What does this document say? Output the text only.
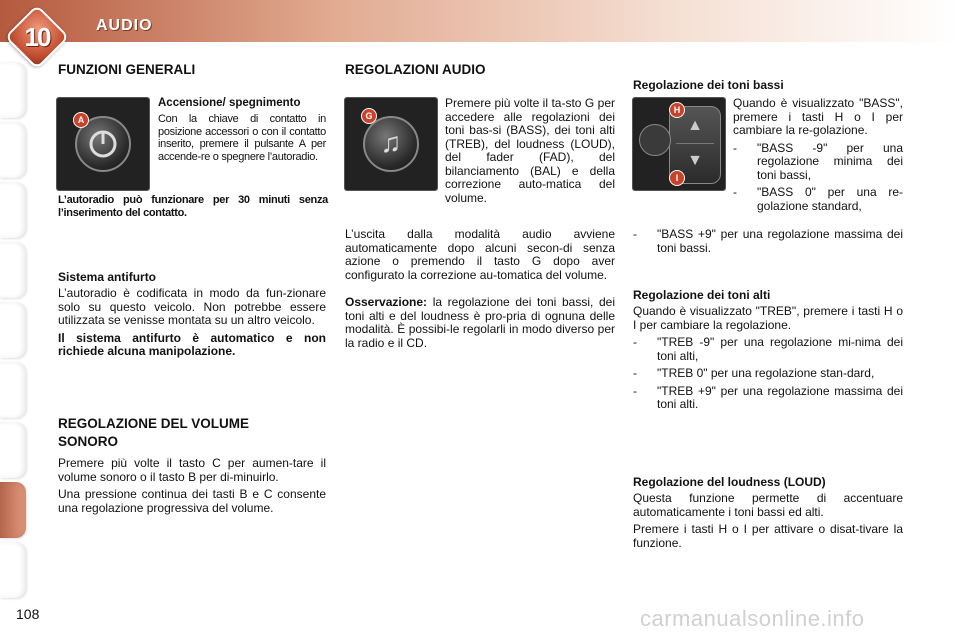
10	AUDIO
FUNZIONI GENERALI
A

Accensione/ spegnimento

Con la chiave di contatto in posizione accessori o con il contatto inserito, premere il pulsante A per accende-re o spegnere l’autoradio.

L’autoradio può funzionare per 30 minuti senza l’inserimento del contatto.

Sistema antifurto

L’autoradio è codificata in modo da fun-zionare solo su questo veicolo. Non potrebbe essere utilizzata se venisse montata su un altro veicolo.

Il sistema antifurto è automatico e non richiede alcuna manipolazione.

REGOLAZIONE DEL VOLUME
SONORO

Premere più volte il tasto C per aumen-tare il volume sonoro o il tasto B per di-minuirlo.

Una pressione continua dei tasti B e C consente una regolazione progressiva del volume.

REGOLAZIONI AUDIO
♫
G

Premere più volte il ta-sto G per accedere alle regolazioni dei toni bas-si (BASS), dei toni alti (TREB), del loudness (LOUD), del fader (FAD), del bilanciamento (BAL) e della correzione auto-matica del volume.

L’uscita dalla modalità audio avviene automaticamente dopo alcuni secon-di senza azione o premendo il tasto G dopo aver configurato la correzione au-tomatica del volume.

Osservazione: la regolazione dei toni bassi, dei toni alti e del loudness è pro-pria di ognuna delle modalità. È possibi-le regolarli in modo diverso per la radio e il CD.

Regolazione dei toni bassi

▲
▼
H
I

Quando è visualizzato "BASS", premere i tasti H o I per cambiare la re-golazione.

-	"BASS -9" per una regolazione minima dei toni bassi,
-	"BASS 0" per una re-golazione standard,
-	"BASS +9" per una regolazione massima dei toni bassi.

Regolazione dei toni alti

Quando è visualizzato "TREB", premere i tasti H o I per cambiare la regolazione.

-	"TREB -9" per una regolazione mi-nima dei toni alti,
-	"TREB 0" per una regolazione stan-dard,
-	"TREB +9" per una regolazione massima dei toni alti.

Regolazione del loudness (LOUD)

Questa funzione permette di accentuare automaticamente i toni bassi ed alti.

Premere i tasti H o I per attivare o disat-tivare la funzione.

108	carmanualsonline.info
